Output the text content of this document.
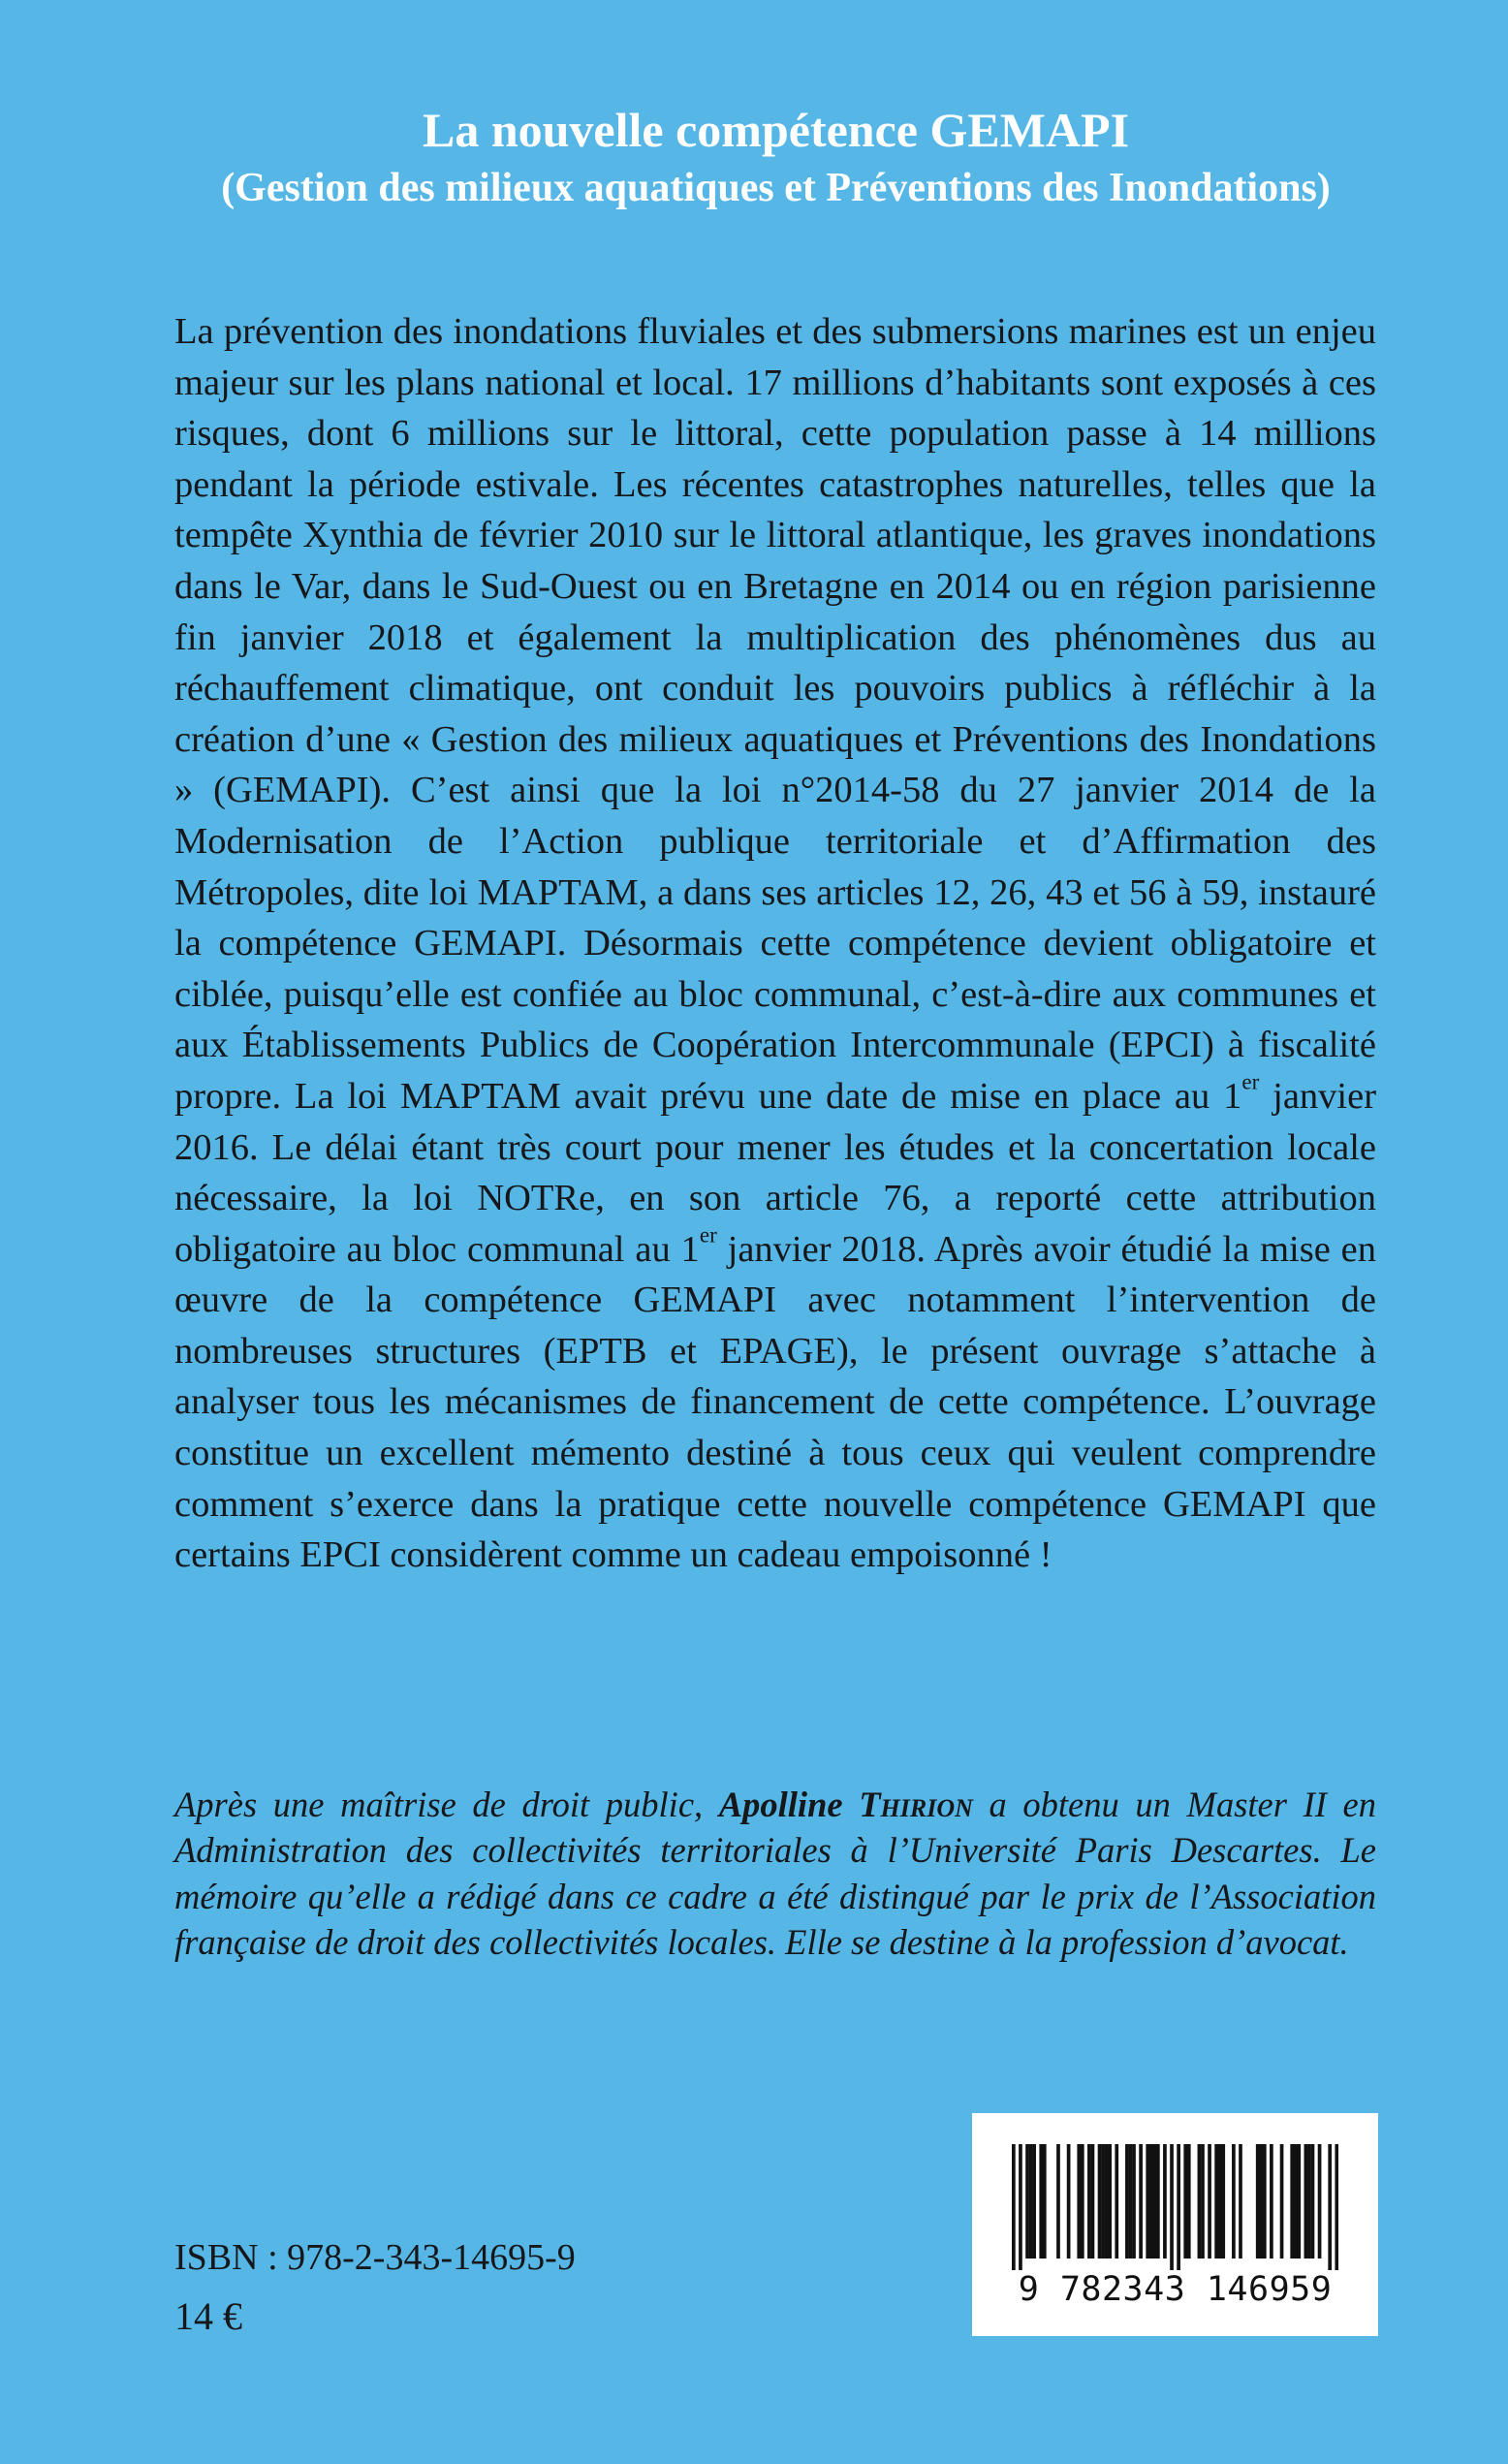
La nouvelle compétence GEMAPI
(Gestion des milieux aquatiques et Préventions des Inondations)

La prévention des inondations fluviales et des submersions marines est un enjeu majeur sur les plans national et local. 17 millions d’habitants sont exposés à ces risques, dont 6 millions sur le littoral, cette population passe à 14 millions pendant la période estivale. Les récentes catastrophes naturelles, telles que la tempête Xynthia de février 2010 sur le littoral atlantique, les graves inondations dans le Var, dans le Sud-Ouest ou en Bretagne en 2014 ou en région parisienne fin janvier 2018 et également la multiplication des phénomènes dus au réchauffement climatique, ont conduit les pouvoirs publics à réfléchir à la création d’une « Gestion des milieux aquatiques et Préventions des Inondations » (GEMAPI). C’est ainsi que la loi n°2014-58 du 27 janvier 2014 de la Modernisation de l’Action publique territoriale et d’Affirmation des Métropoles, dite loi MAPTAM, a dans ses articles 12, 26, 43 et 56 à 59, instauré la compétence GEMAPI. Désormais cette compétence devient obligatoire et ciblée, puisqu’elle est confiée au bloc communal, c’est-à-dire aux communes et aux Établissements Publics de Coopération Intercommunale (EPCI) à fiscalité propre. La loi MAPTAM avait prévu une date de mise en place au 1er janvier 2016. Le délai étant très court pour mener les études et la concertation locale nécessaire, la loi NOTRe, en son article 76, a reporté cette attribution obligatoire au bloc communal au 1er janvier 2018. Après avoir étudié la mise en œuvre de la compétence GEMAPI avec notamment l’intervention de nombreuses structures (EPTB et EPAGE), le présent ouvrage s’attache à analyser tous les mécanismes de financement de cette compétence. L’ouvrage constitue un excellent mémento destiné à tous ceux qui veulent comprendre comment s’exerce dans la pratique cette nouvelle compétence GEMAPI que certains EPCI considèrent comme un cadeau empoisonné !

Après une maîtrise de droit public, Apolline Thirion a obtenu un Master II en Administration des collectivités territoriales à l’Université Paris Descartes. Le mémoire qu’elle a rédigé dans ce cadre a été distingué par le prix de l’Association française de droit des collectivités locales. Elle se destine à la profession d’avocat.

ISBN : 978-2-343-14695-9
14 €
9 782343 146959
